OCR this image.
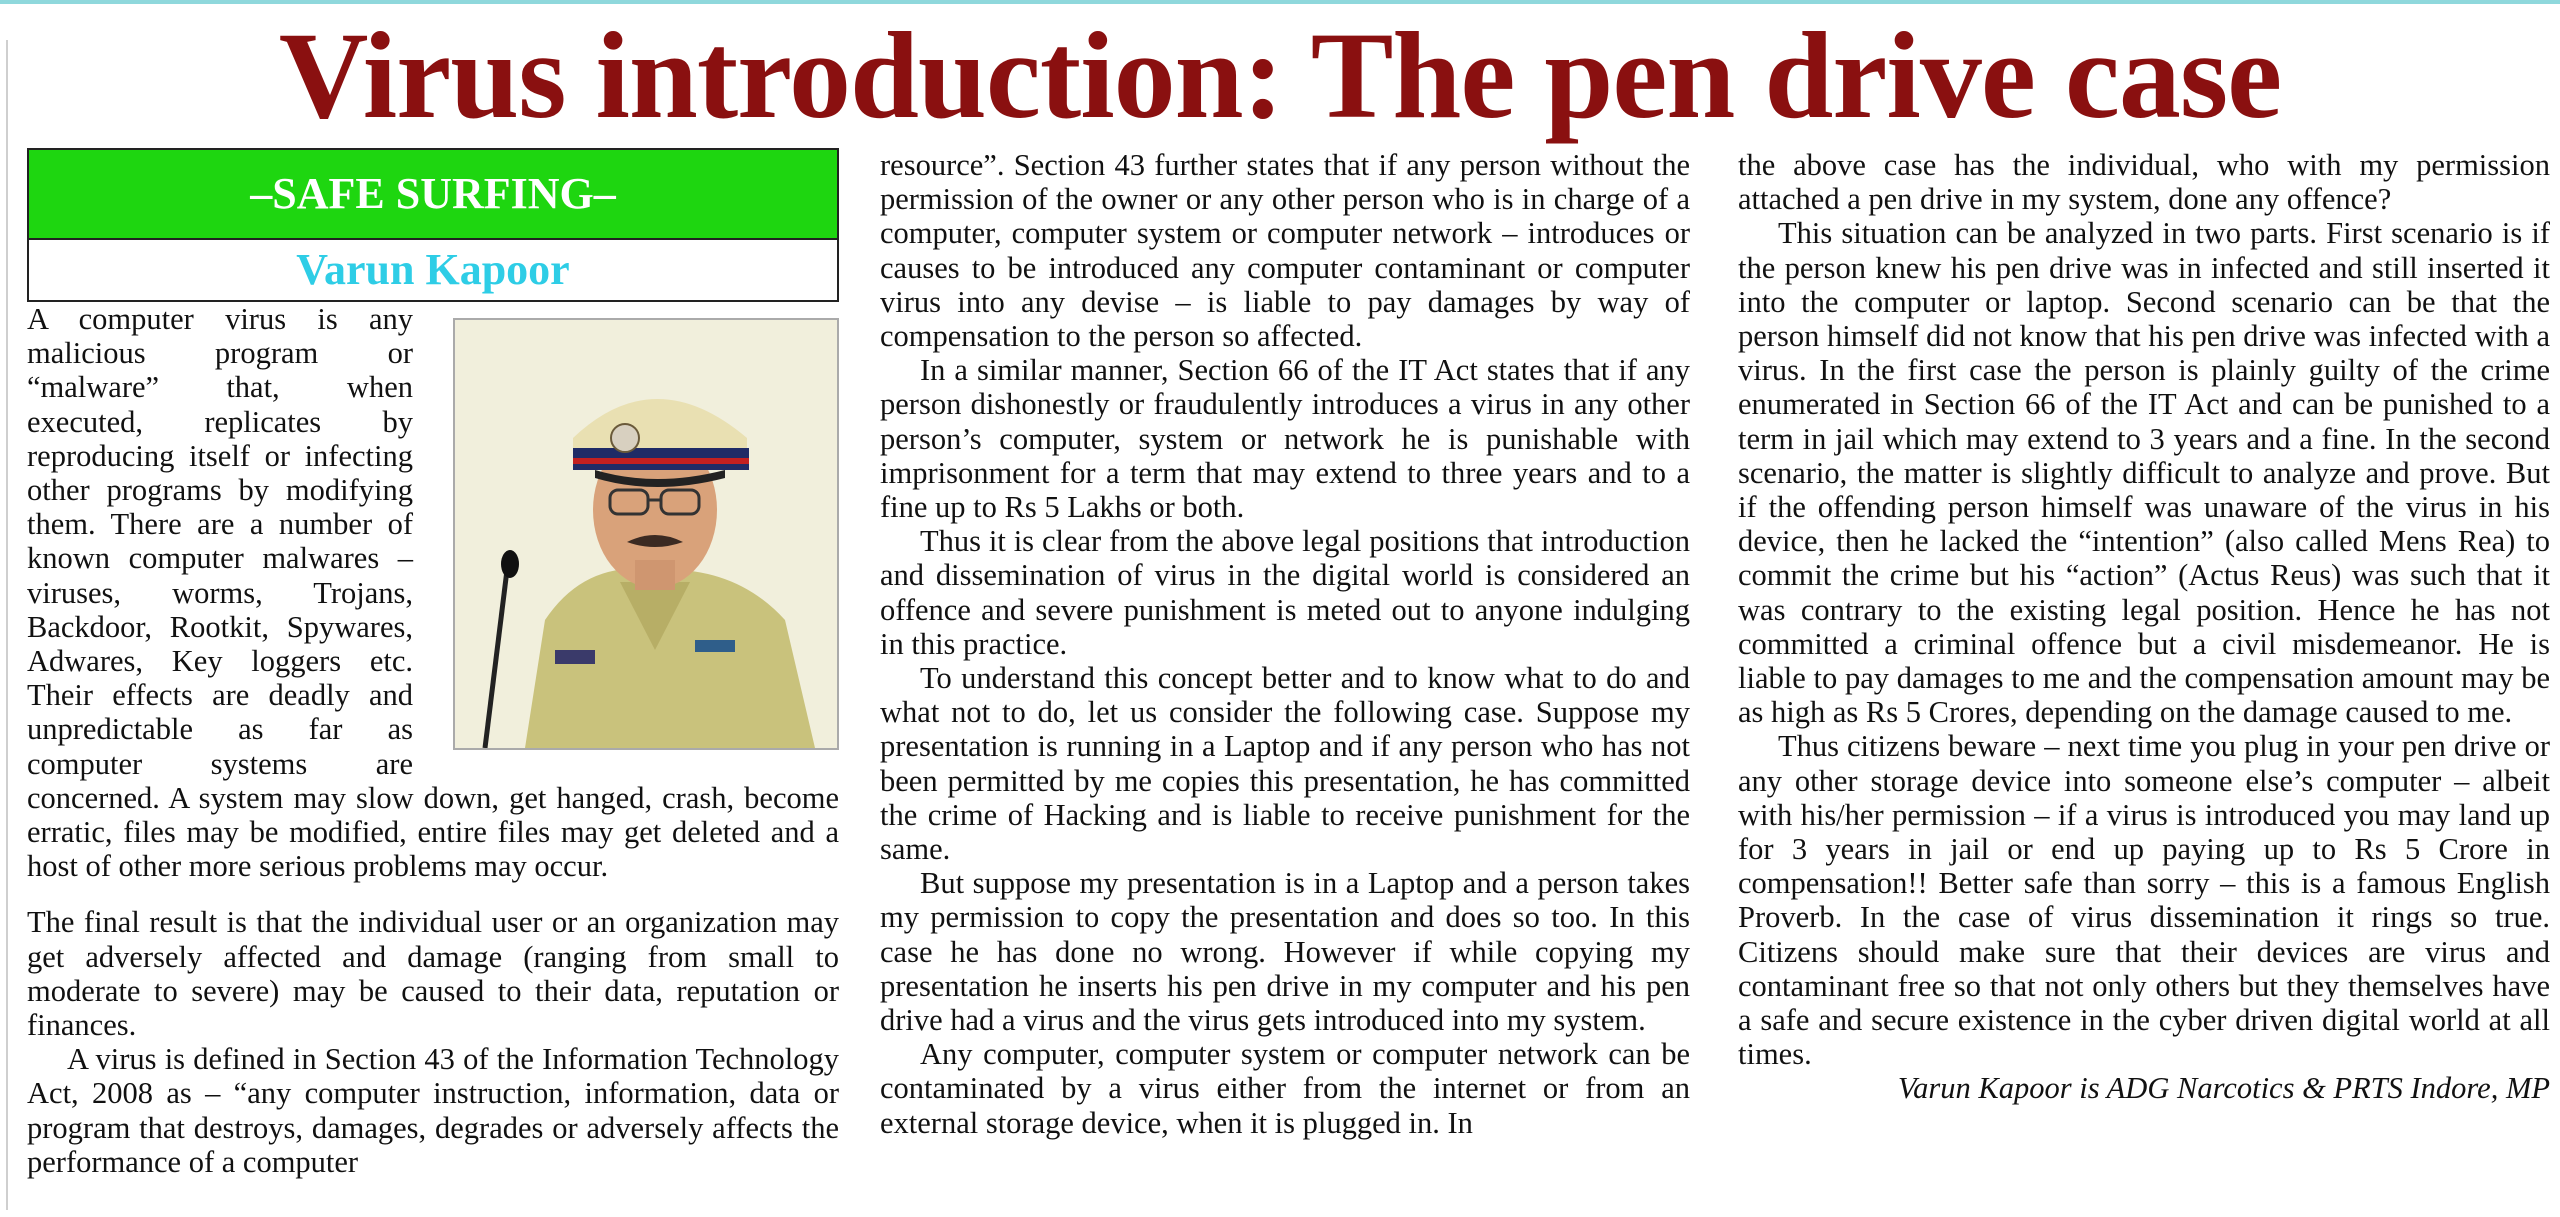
Virus introduction: The pen drive case
–SAFE SURFING–
Varun Kapoor

A computer virus is any malicious program or “malware” that, when executed, replicates by reproducing itself or infecting other programs by modifying them. There are a number of known computer malwares – viruses, worms, Trojans, Backdoor, Rootkit, Spywares, Adwares, Key loggers etc. Their effects are deadly and unpredictable as far as computer systems are concerned. A system may slow down, get hanged, crash, become erratic, files may be modified, entire files may get deleted and a host of other more serious problems may occur.

The final result is that the individual user or an organization may get adversely affected and damage (ranging from small to moderate to severe) may be caused to their data, reputation or finances.

A virus is defined in Section 43 of the Information Technology Act, 2008 as – “any computer instruction, information, data or program that destroys, damages, degrades or adversely affects the performance of a computer

resource”. Section 43 further states that if any person without the permission of the owner or any other person who is in charge of a computer, computer system or computer network – introduces or causes to be introduced any computer contaminant or computer virus into any devise – is liable to pay damages by way of compensation to the person so affected.

In a similar manner, Section 66 of the IT Act states that if any person dishonestly or fraudulently introduces a virus in any other person’s computer, system or network he is punishable with imprisonment for a term that may extend to three years and to a fine up to Rs 5 Lakhs or both.

Thus it is clear from the above legal positions that introduction and dissemination of virus in the digital world is considered an offence and severe punishment is meted out to anyone indulging in this practice.

To understand this concept better and to know what to do and what not to do, let us consider the following case. Suppose my presentation is running in a Laptop and if any person who has not been permitted by me copies this presentation, he has committed the crime of Hacking and is liable to receive punishment for the same.

But suppose my presentation is in a Laptop and a person takes my permission to copy the presentation and does so too. In this case he has done no wrong. However if while copying my presentation he inserts his pen drive in my computer and his pen drive had a virus and the virus gets introduced into my system.

Any computer, computer system or computer network can be contaminated by a virus either from the internet or from an external storage device, when it is plugged in. In

the above case has the individual, who with my permission attached a pen drive in my system, done any offence?

This situation can be analyzed in two parts. First scenario is if the person knew his pen drive was in infected and still inserted it into the computer or laptop. Second scenario can be that the person himself did not know that his pen drive was infected with a virus. In the first case the person is plainly guilty of the crime enumerated in Section 66 of the IT Act and can be punished to a term in jail which may extend to 3 years and a fine. In the second scenario, the matter is slightly difficult to analyze and prove. But if the offending person himself was unaware of the virus in his device, then he lacked the “intention” (also called Mens Rea) to commit the crime but his “action” (Actus Reus) was such that it was contrary to the existing legal position. Hence he has not committed a criminal offence but a civil misdemeanor. He is liable to pay damages to me and the compensation amount may be as high as Rs 5 Crores, depending on the damage caused to me.

Thus citizens beware – next time you plug in your pen drive or any other storage device into someone else’s computer – albeit with his/her permission – if a virus is introduced you may land up for 3 years in jail or end up paying up to Rs 5 Crore in compensation!! Better safe than sorry – this is a famous English Proverb. In the case of virus dissemination it rings so true. Citizens should make sure that their devices are virus and contaminant free so that not only others but they themselves have a safe and secure existence in the cyber driven digital world at all times.

Varun Kapoor is ADG Narcotics & PRTS Indore, MP
